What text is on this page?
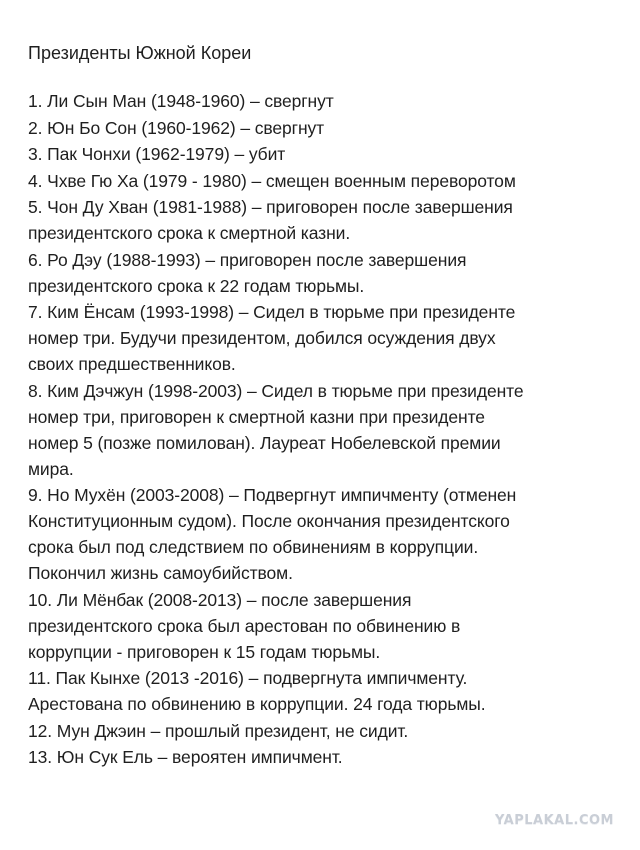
Президенты Южной Кореи
1. Ли Сын Ман (1948-1960) – свергнут
2. Юн Бо Сон (1960-1962) – свергнут
3. Пак Чонхи (1962-1979) – убит
4. Чхве Гю Ха (1979 - 1980) – смещен военным переворотом
5. Чон Ду Хван (1981-1988) – приговорен после завершения
президентского срока к смертной казни.
6. Ро Дэу (1988-1993) – приговорен после завершения
президентского срока к 22 годам тюрьмы.
7. Ким Ёнсам (1993-1998) – Сидел в тюрьме при президенте
номер три. Будучи президентом, добился осуждения двух
своих предшественников.
8. Ким Дэчжун (1998-2003) – Сидел в тюрьме при президенте
номер три, приговорен к смертной казни при президенте
номер 5 (позже помилован). Лауреат Нобелевской премии
мира.
9. Но Мухён (2003-2008) – Подвергнут импичменту (отменен
Конституционным судом). После окончания президентского
срока был под следствием по обвинениям в коррупции.
Покончил жизнь самоубийством.
10. Ли Мёнбак (2008-2013) – после завершения
президентского срока был арестован по обвинению в
коррупции - приговорен к 15 годам тюрьмы.
11. Пак Кынхе (2013 -2016) – подвергнута импичменту.
Арестована по обвинению в коррупции. 24 года тюрьмы.
12. Мун Джэин – прошлый президент, не сидит.
13. Юн Сук Ель – вероятен импичмент.
YAPLAKAL.COM
